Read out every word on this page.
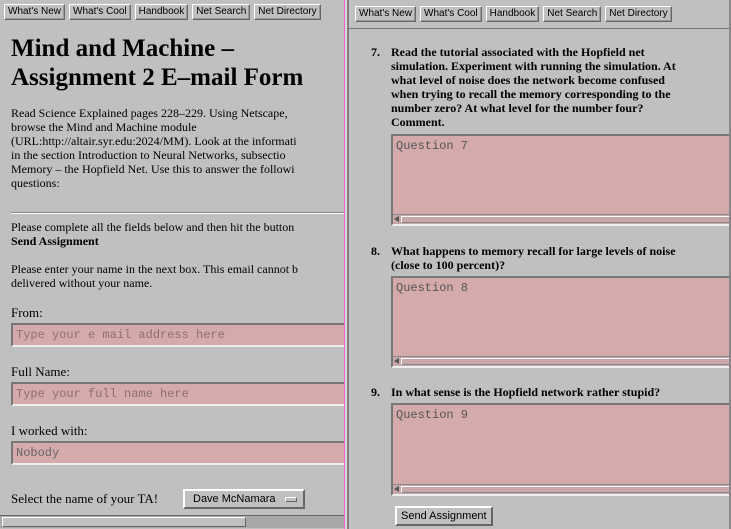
What's New	What's Cool	Handbook	Net Search	Net Directory
Mind and Machine –
Assignment 2 E–mail Form
Read Science Explained pages 228–229. Using Netscape,
browse the Mind and Machine module
(URL:http://altair.syr.edu:2024/MM). Look at the informati
in the section Introduction to Neural Networks, subsectio
Memory – the Hopfield Net. Use this to answer the followi
questions:
Please complete all the fields below and then hit the button
Send Assignment
Please enter your name in the next box. This email cannot b
delivered without your name.
From:
Type your e mail address here
Full Name:
Type your full name here
I worked with:
Nobody
Select the name of your TA!	Dave McNamara
What's New	What's Cool	Handbook	Net Search	Net Directory
7. Read the tutorial associated with the Hopfield net
simulation. Experiment with running the simulation. At
what level of noise does the network become confused
when trying to recall the memory corresponding to the
number zero? At what level for the number four?
Comment.
Question 7
8. What happens to memory recall for large levels of noise
(close to 100 percent)?
Question 8
9. In what sense is the Hopfield network rather stupid?
Question 9
Send Assignment
